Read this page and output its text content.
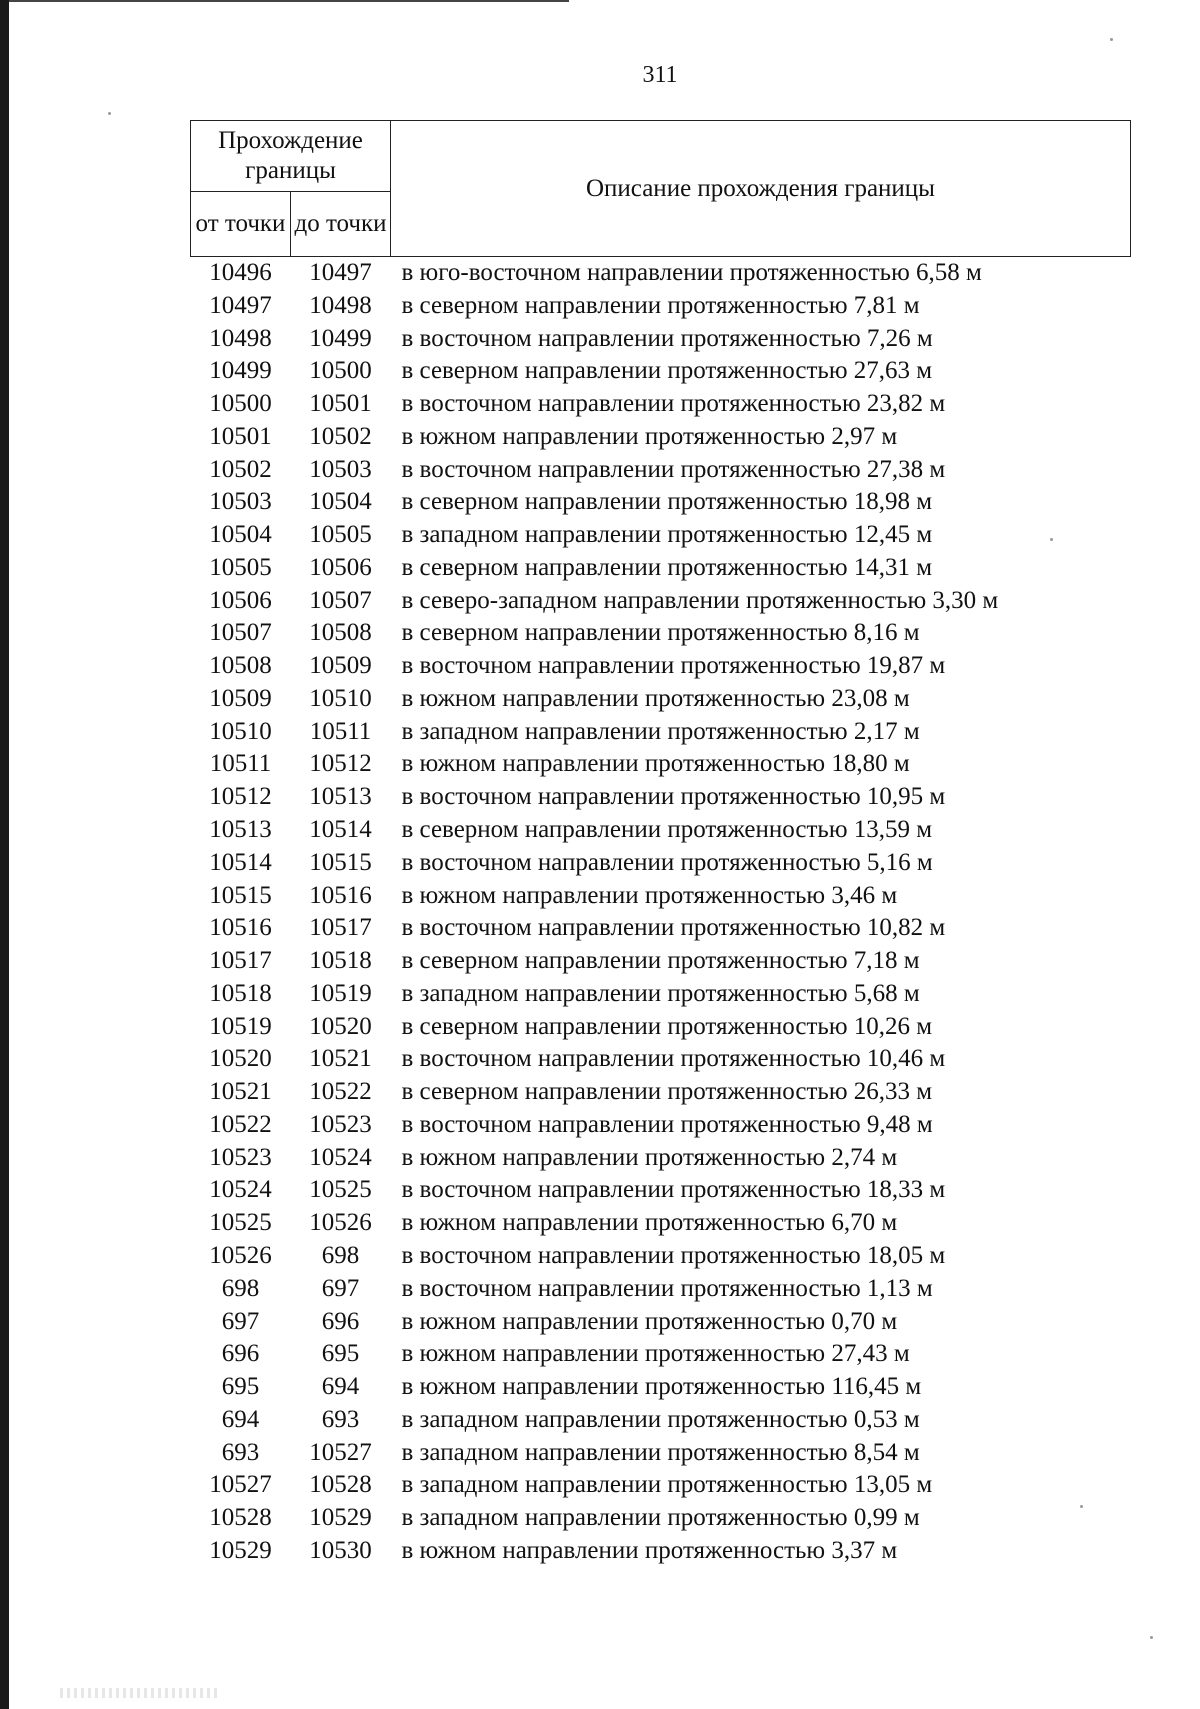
311
Прохождение границы		Описание прохождения границы
от точки	до точки	
10496	10497	в юго-восточном направлении протяженностью 6,58 м
10497	10498	в северном направлении протяженностью 7,81 м
10498	10499	в восточном направлении протяженностью 7,26 м
10499	10500	в северном направлении протяженностью 27,63 м
10500	10501	в восточном направлении протяженностью 23,82 м
10501	10502	в южном направлении протяженностью 2,97 м
10502	10503	в восточном направлении протяженностью 27,38 м
10503	10504	в северном направлении протяженностью 18,98 м
10504	10505	в западном направлении протяженностью 12,45 м
10505	10506	в северном направлении протяженностью 14,31 м
10506	10507	в северо-западном направлении протяженностью 3,30 м
10507	10508	в северном направлении протяженностью 8,16 м
10508	10509	в восточном направлении протяженностью 19,87 м
10509	10510	в южном направлении протяженностью 23,08 м
10510	10511	в западном направлении протяженностью 2,17 м
10511	10512	в южном направлении протяженностью 18,80 м
10512	10513	в восточном направлении протяженностью 10,95 м
10513	10514	в северном направлении протяженностью 13,59 м
10514	10515	в восточном направлении протяженностью 5,16 м
10515	10516	в южном направлении протяженностью 3,46 м
10516	10517	в восточном направлении протяженностью 10,82 м
10517	10518	в северном направлении протяженностью 7,18 м
10518	10519	в западном направлении протяженностью 5,68 м
10519	10520	в северном направлении протяженностью 10,26 м
10520	10521	в восточном направлении протяженностью 10,46 м
10521	10522	в северном направлении протяженностью 26,33 м
10522	10523	в восточном направлении протяженностью 9,48 м
10523	10524	в южном направлении протяженностью 2,74 м
10524	10525	в восточном направлении протяженностью 18,33 м
10525	10526	в южном направлении протяженностью 6,70 м
10526	698	в восточном направлении протяженностью 18,05 м
698	697	в восточном направлении протяженностью 1,13 м
697	696	в южном направлении протяженностью 0,70 м
696	695	в южном направлении протяженностью 27,43 м
695	694	в южном направлении протяженностью 116,45 м
694	693	в западном направлении протяженностью 0,53 м
693	10527	в западном направлении протяженностью 8,54 м
10527	10528	в западном направлении протяженностью 13,05 м
10528	10529	в западном направлении протяженностью 0,99 м
10529	10530	в южном направлении протяженностью 3,37 м
